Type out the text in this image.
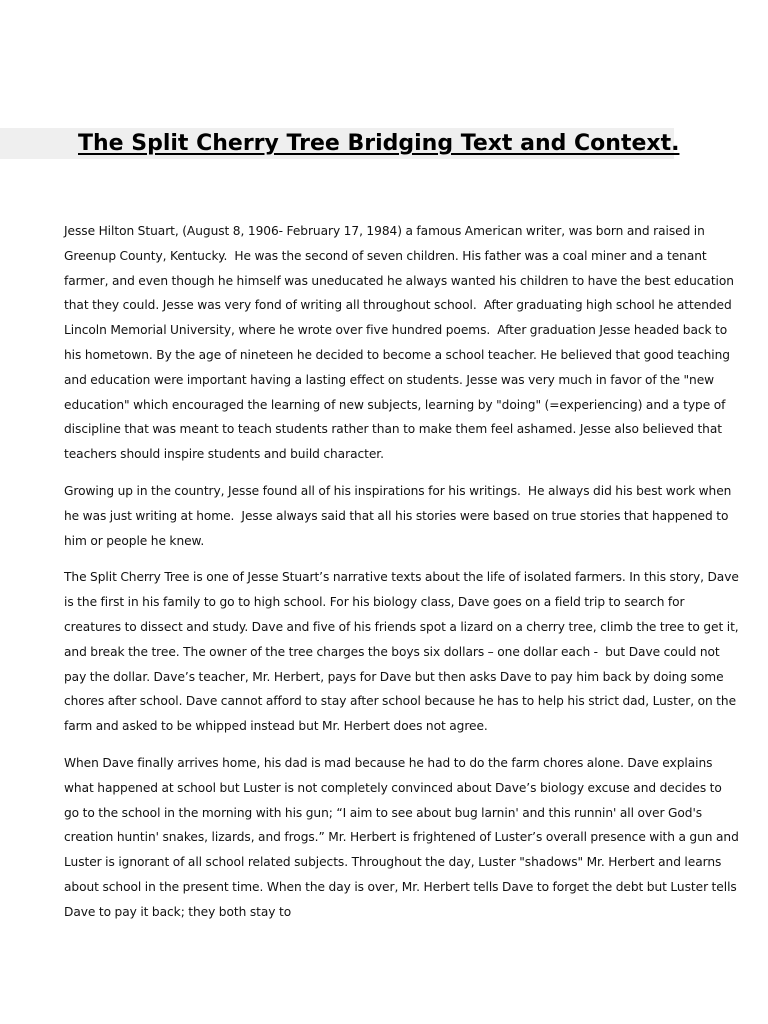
The Split Cherry Tree Bridging Text and Context.

Jesse Hilton Stuart, (August 8, 1906- February 17, 1984) a famous American writer, was born and raised in Greenup County, Kentucky.  He was the second of seven children. His father was a coal miner and a tenant farmer, and even though he himself was uneducated he always wanted his children to have the best education that they could. Jesse was very fond of writing all throughout school.  After graduating high school he attended Lincoln Memorial University, where he wrote over five hundred poems.  After graduation Jesse headed back to his hometown. By the age of nineteen he decided to become a school teacher. He believed that good teaching and education were important having a lasting effect on students. Jesse was very much in favor of the "new education" which encouraged the learning of new subjects, learning by "doing" (=experiencing) and a type of discipline that was meant to teach students rather than to make them feel ashamed. Jesse also believed that teachers should inspire students and build character.

Growing up in the country, Jesse found all of his inspirations for his writings.  He always did his best work when he was just writing at home.  Jesse always said that all his stories were based on true stories that happened to him or people he knew.

The Split Cherry Tree is one of Jesse Stuart’s narrative texts about the life of isolated farmers. In this story, Dave is the first in his family to go to high school. For his biology class, Dave goes on a field trip to search for creatures to dissect and study. Dave and five of his friends spot a lizard on a cherry tree, climb the tree to get it, and break the tree. The owner of the tree charges the boys six dollars – one dollar each -  but Dave could not pay the dollar. Dave’s teacher, Mr. Herbert, pays for Dave but then asks Dave to pay him back by doing some chores after school. Dave cannot afford to stay after school because he has to help his strict dad, Luster, on the farm and asked to be whipped instead but Mr. Herbert does not agree.

When Dave finally arrives home, his dad is mad because he had to do the farm chores alone. Dave explains what happened at school but Luster is not completely convinced about Dave’s biology excuse and decides to go to the school in the morning with his gun; “I aim to see about bug larnin' and this runnin' all over God's creation huntin' snakes, lizards, and frogs.” Mr. Herbert is frightened of Luster’s overall presence with a gun and Luster is ignorant of all school related subjects. Throughout the day, Luster "shadows" Mr. Herbert and learns about school in the present time. When the day is over, Mr. Herbert tells Dave to forget the debt but Luster tells Dave to pay it back; they both stay to
